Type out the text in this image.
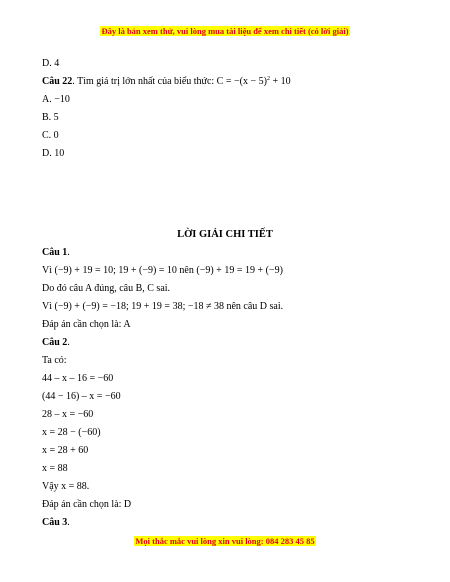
Đây là bản xem thử, vui lòng mua tài liệu để xem chi tiết (có lời giải)
D. 4
Câu 22. Tìm giá trị lớn nhất của biểu thức: $C = -(x - 5)^2 + 10$
A. −10
B. 5
C. 0
D. 10
LỜI GIẢI CHI TIẾT
Câu 1.
Vì (−9) + 19 = 10; 19 + (−9) = 10 nên (−9) + 19 = 19 + (−9)
Do đó câu A đúng, câu B, C sai.
Vì (−9) + (−9) = −18; 19 + 19 = 38; −18 ≠ 38 nên câu D sai.
Đáp án cần chọn là: A
Câu 2.
Ta có:
44 – x – 16 = −60
(44 − 16) – x = −60
28 – x = −60
x = 28 − (−60)
x = 28 + 60
x = 88
Vậy x = 88.
Đáp án cần chọn là: D
Câu 3.
Mọi thắc mắc vui lòng xin vui lòng: 084 283 45 85
